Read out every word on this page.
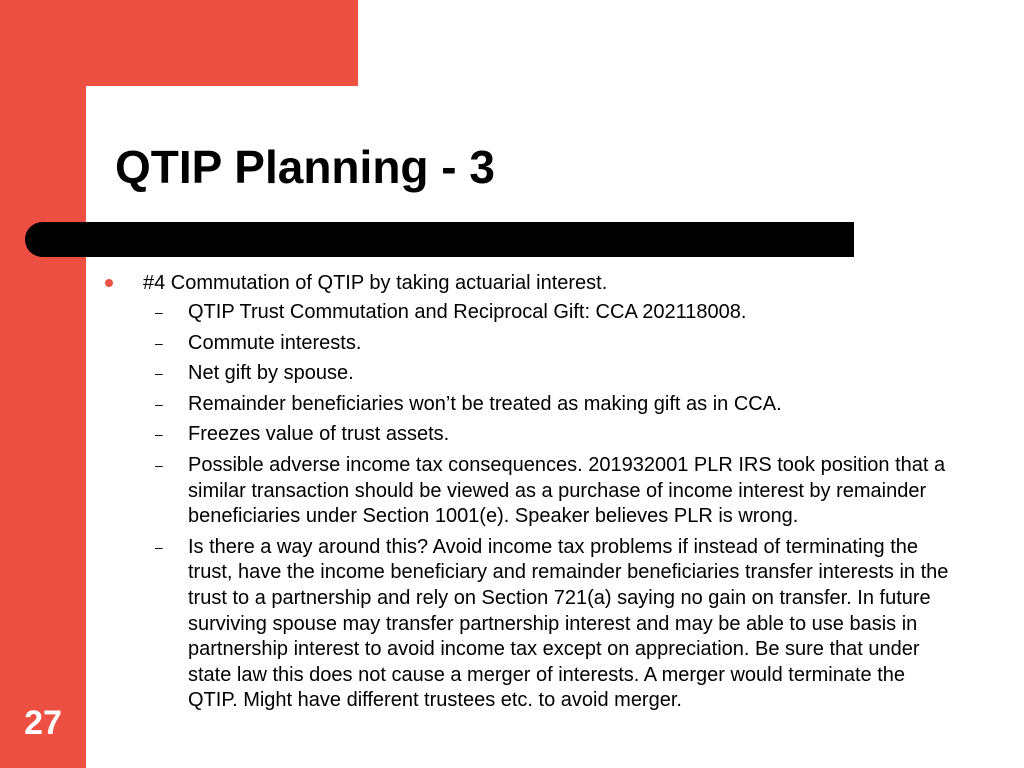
QTIP Planning - 3
27
#4 Commutation of QTIP by taking actuarial interest.
– QTIP Trust Commutation and Reciprocal Gift: CCA 202118008.
– Commute interests.
– Net gift by spouse.
– Remainder beneficiaries won’t be treated as making gift as in CCA.
– Freezes value of trust assets.
– Possible adverse income tax consequences. 201932001 PLR IRS took position that a similar transaction should be viewed as a purchase of income interest by remainder beneficiaries under Section 1001(e). Speaker believes PLR is wrong.
– Is there a way around this? Avoid income tax problems if instead of terminating the trust, have the income beneficiary and remainder beneficiaries transfer interests in the trust to a partnership and rely on Section 721(a) saying no gain on transfer. In future surviving spouse may transfer partnership interest and may be able to use basis in partnership interest to avoid income tax except on appreciation. Be sure that under state law this does not cause a merger of interests. A merger would terminate the QTIP. Might have different trustees etc. to avoid merger.
